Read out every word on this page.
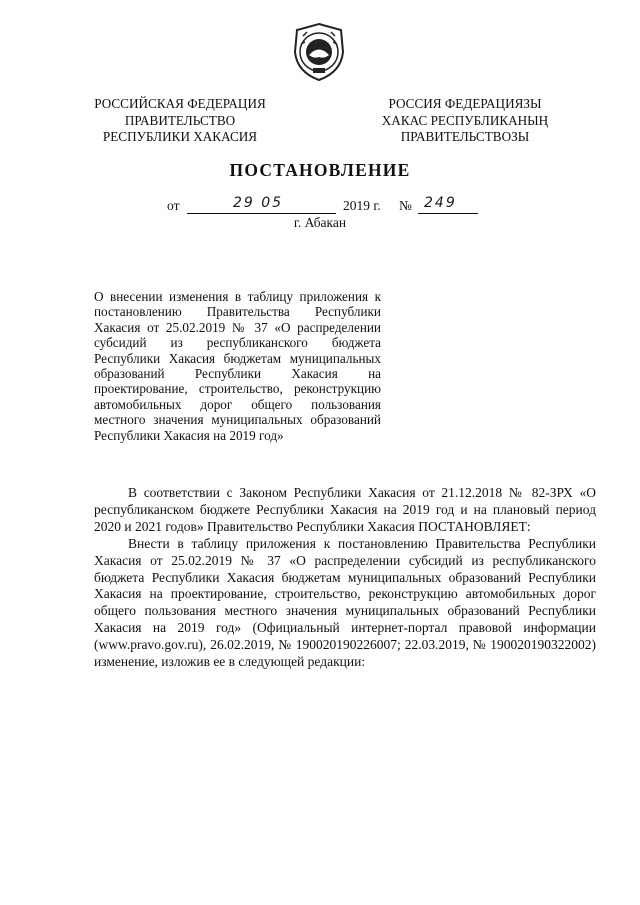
РОССИЙСКАЯ ФЕДЕРАЦИЯ
ПРАВИТЕЛЬСТВО
РЕСПУБЛИКИ ХАКАСИЯ
РОССИЯ ФЕДЕРАЦИЯЗЫ
ХАКАС РЕСПУБЛИКАНЫҢ
ПРАВИТЕЛЬСТВОЗЫ
ПОСТАНОВЛЕНИЕ
от	29 05	2019 г. № 249
г. Абакан
О внесении изменения в таблицу приложения к постановлению Правительства Республики Хакасия от 25.02.2019 № 37 «О распределении субсидий из республиканского бюджета Республики Хакасия бюджетам муниципальных образований Республики Хакасия на проектирование, строительство, реконструкцию автомобильных дорог общего пользования местного значения муниципальных образований Республики Хакасия на 2019 год»

В соответствии с Законом Республики Хакасия от 21.12.2018 № 82-ЗРХ «О республиканском бюджете Республики Хакасия на 2019 год и на плановый период 2020 и 2021 годов» Правительство Республики Хакасия ПОСТАНОВЛЯЕТ:

Внести в таблицу приложения к постановлению Правительства Республики Хакасия от 25.02.2019 № 37 «О распределении субсидий из республиканского бюджета Республики Хакасия бюджетам муниципальных образований Республики Хакасия на проектирование, строительство, реконструкцию автомобильных дорог общего пользования местного значения муниципальных образований Республики Хакасия на 2019 год» (Официальный интернет-портал правовой информации (www.pravo.gov.ru), 26.02.2019, № 190020190226007; 22.03.2019, № 190020190322002) изменение, изложив ее в следующей редакции:
